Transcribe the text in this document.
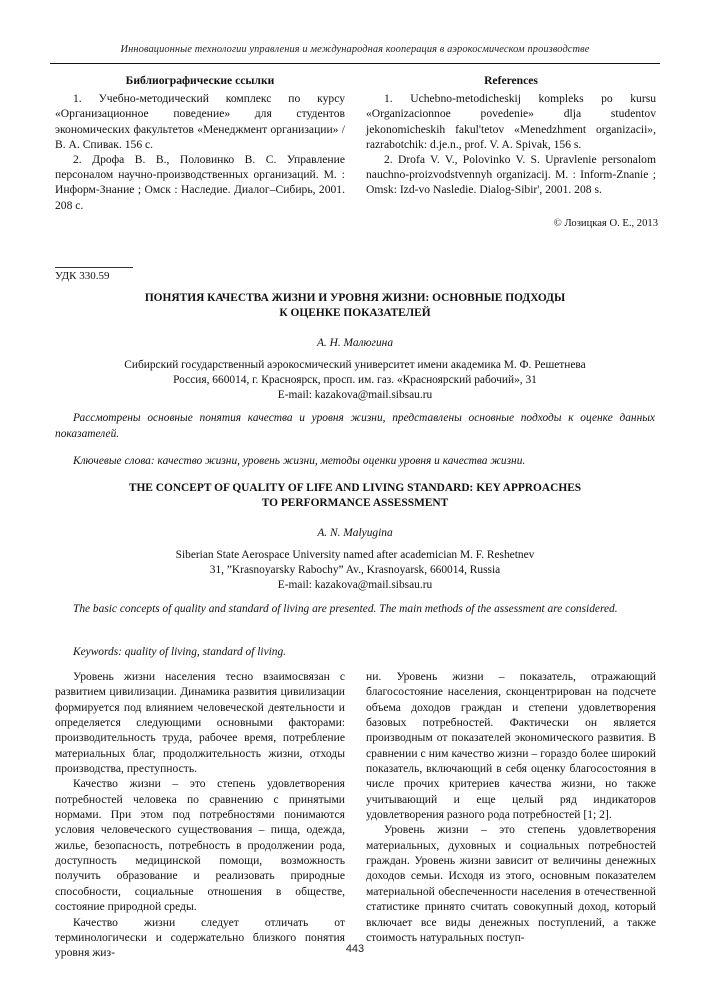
Инновационные технологии управления и международная кооперация в аэрокосмическом производстве
Библиографические ссылки

1. Учебно-методический комплекс по курсу «Организационное поведение» для студентов экономических факультетов «Менеджмент организации» / В. А. Спивак. 156 с.

2. Дрофа В. В., Половинко В. С. Управление персоналом научно-производственных организаций. М. : Информ-Знание ; Омск : Наследие. Диалог–Сибирь, 2001. 208 с.

References

1. Uchebno-metodicheskij kompleks po kursu «Organizacionnoe povedenie» dlja studentov jekonomicheskih fakul'tetov «Menedzhment organizacii», razrabotchik: d.je.n., prof. V. A. Spivak, 156 s.

2. Drofa V. V., Polovinko V. S. Upravlenie personalom nauchno-proizvodstvennyh organizacij. M. : Inform-Znanie ; Omsk: Izd-vo Nasledie. Dialog-Sibir', 2001. 208 s.

© Лозицкая О. Е., 2013
УДК 330.59
ПОНЯТИЯ КАЧЕСТВА ЖИЗНИ И УРОВНЯ ЖИЗНИ: ОСНОВНЫЕ ПОДХОДЫ
К ОЦЕНКЕ ПОКАЗАТЕЛЕЙ
А. Н. Малюгина
Сибирский государственный аэрокосмический университет имени академика М. Ф. Решетнева
Россия, 660014, г. Красноярск, просп. им. газ. «Красноярский рабочий», 31
E-mail: kazakova@mail.sibsau.ru
Рассмотрены основные понятия качества и уровня жизни, представлены основные подходы к оценке данных показателей.
Ключевые слова: качество жизни, уровень жизни, методы оценки уровня и качества жизни.
THE CONCEPT OF QUALITY OF LIFE AND LIVING STANDARD: KEY APPROACHES
TO PERFORMANCE ASSESSMENT
A. N. Malyugina
Siberian State Aerospace University named after academician M. F. Reshetnev
31, ”Krasnoyarsky Rabochy” Av., Krasnoyarsk, 660014, Russia
E-mail: kazakova@mail.sibsau.ru
The basic concepts of quality and standard of living are presented. The main methods of the assessment are considered.
Keywords: quality of living, standard of living.

Уровень жизни населения тесно взаимосвязан с развитием цивилизации. Динамика развития цивилизации формируется под влиянием человеческой деятельности и определяется следующими основными факторами: производительность труда, рабочее время, потребление материальных благ, продолжительность жизни, отходы производства, преступность.

Качество жизни – это степень удовлетворения потребностей человека по сравнению с принятыми нормами. При этом под потребностями понимаются условия человеческого существования – пища, одежда, жилье, безопасность, потребность в продолжении рода, доступность медицинской помощи, возможность получить образование и реализовать природные способности, социальные отношения в обществе, состояние природной среды.

Качество жизни следует отличать от терминологически и содержательно близкого понятия уровня жиз-

ни. Уровень жизни – показатель, отражающий благосостояние населения, сконцентрирован на подсчете объема доходов граждан и степени удовлетворения базовых потребностей. Фактически он является производным от показателей экономического развития. В сравнении с ним качество жизни – гораздо более широкий показатель, включающий в себя оценку благосостояния в числе прочих критериев качества жизни, но также учитывающий и еще целый ряд индикаторов удовлетворения разного рода потребностей [1; 2].

Уровень жизни – это степень удовлетворения материальных, духовных и социальных потребностей граждан. Уровень жизни зависит от величины денежных доходов семьи. Исходя из этого, основным показателем материальной обеспеченности населения в отечественной статистике принято считать совокупный доход, который включает все виды денежных поступлений, а также стоимость натуральных поступ-

443
